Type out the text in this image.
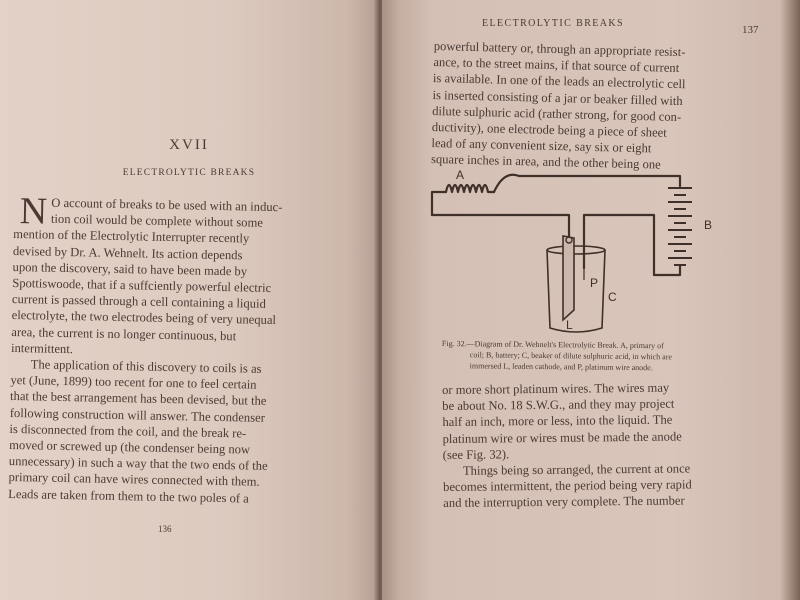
XVII
ELECTROLYTIC BREAKS
N O account of breaks to be used with an induc-
tion coil would be complete without some
mention of the Electrolytic Interrupter recently
devised by Dr. A. Wehnelt. Its action depends
upon the discovery, said to have been made by
Spottiswoode, that if a suffciently powerful electric
current is passed through a cell containing a liquid
electrolyte, the two electrodes being of very unequal
area, the current is no longer continuous, but
intermittent.
The application of this discovery to coils is as
yet (June, 1899) too recent for one to feel certain
that the best arrangement has been devised, but the
following construction will answer. The condenser
is disconnected from the coil, and the break re-
moved or screwed up (the condenser being now
unnecessary) in such a way that the two ends of the
primary coil can have wires connected with them.
Leads are taken from them to the two poles of a
136
ELECTROLYTIC BREAKS
137
powerful battery or, through an appropriate resist-
ance, to the street mains, if that source of current
is available. In one of the leads an electrolytic cell
is inserted consisting of a jar or beaker filled with
dilute sulphuric acid (rather strong, for good con-
ductivity), one electrode being a piece of sheet
lead of any convenient size, say six or eight
square inches in area, and the other being one
A
B
C
L
P
Fig. 32.—Diagram of Dr. Wehnelt's Electrolytic Break. A, primary of
coil; B, battery; C, beaker of dilute sulphuric acid, in which are
immersed L, leaden cathode, and P, platinum wire anode.
or more short platinum wires. The wires may
be about No. 18 S.W.G., and they may project
half an inch, more or less, into the liquid. The
platinum wire or wires must be made the anode
(see Fig. 32).
Things being so arranged, the current at once
becomes intermittent, the period being very rapid
and the interruption very complete. The number
